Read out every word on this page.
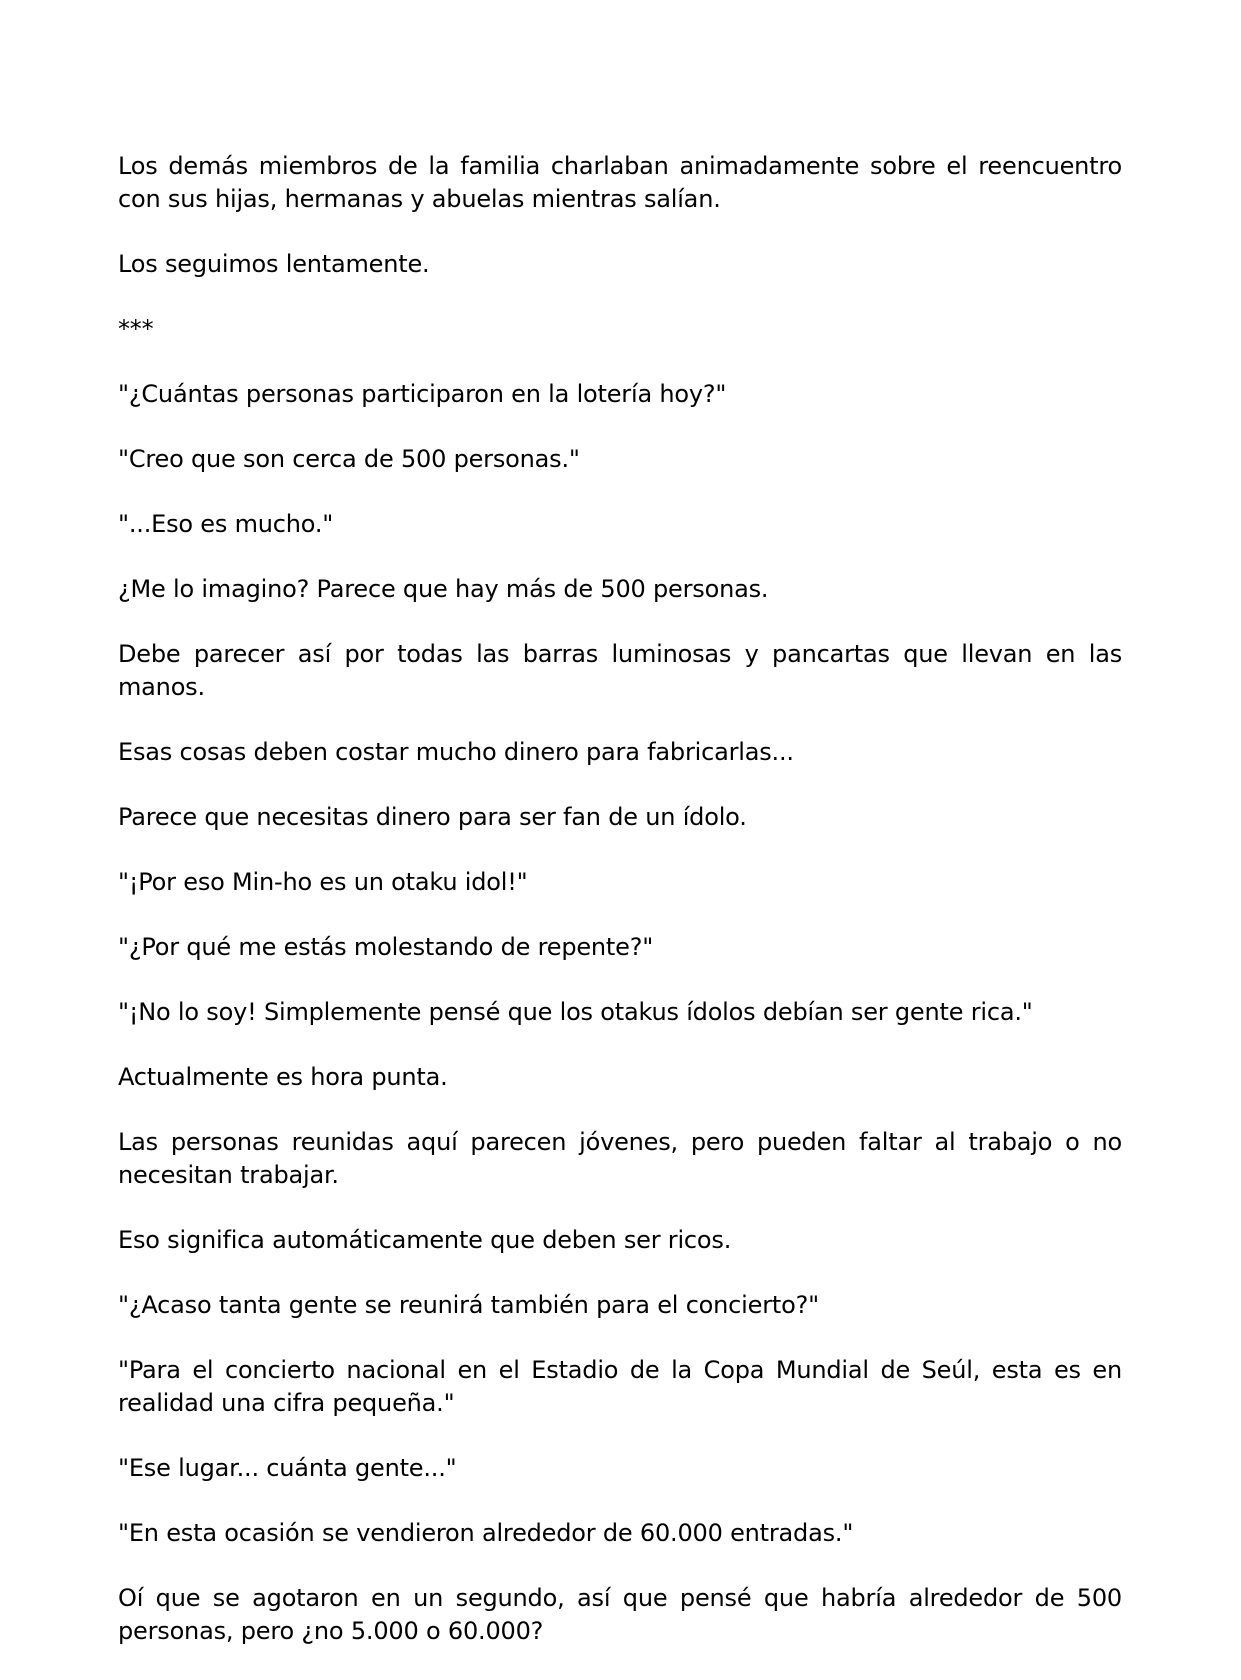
Los demás miembros de la familia charlaban animadamente sobre el reencuentro con sus hijas, hermanas y abuelas mientras salían.

Los seguimos lentamente.

***

"¿Cuántas personas participaron en la lotería hoy?"

"Creo que son cerca de 500 personas."

"...Eso es mucho."

¿Me lo imagino? Parece que hay más de 500 personas.

Debe parecer así por todas las barras luminosas y pancartas que llevan en las manos.

Esas cosas deben costar mucho dinero para fabricarlas...

Parece que necesitas dinero para ser fan de un ídolo.

"¡Por eso Min-ho es un otaku idol!"

"¿Por qué me estás molestando de repente?"

"¡No lo soy! Simplemente pensé que los otakus ídolos debían ser gente rica."

Actualmente es hora punta.

Las personas reunidas aquí parecen jóvenes, pero pueden faltar al trabajo o no necesitan trabajar.

Eso significa automáticamente que deben ser ricos.

"¿Acaso tanta gente se reunirá también para el concierto?"

"Para el concierto nacional en el Estadio de la Copa Mundial de Seúl, esta es en realidad una cifra pequeña."

"Ese lugar... cuánta gente..."

"En esta ocasión se vendieron alrededor de 60.000 entradas."

Oí que se agotaron en un segundo, así que pensé que habría alrededor de 500 personas, pero ¿no 5.000 o 60.000?
